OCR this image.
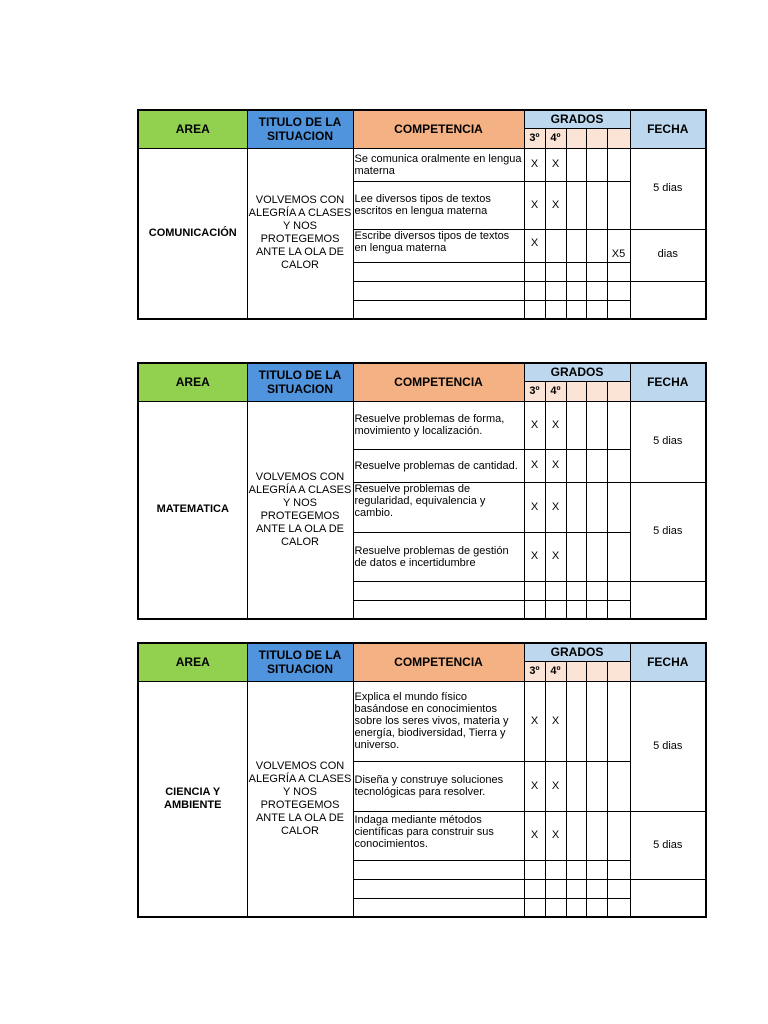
AREA	TITULO DE LA SITUACION	COMPETENCIA	GRADOS					FECHA
			3º	4º				
COMUNICACIÓN	VOLVEMOS CON ALEGRÍA A CLASES Y NOS PROTEGEMOS ANTE LA OLA DE CALOR	Se comunica oralmente en lengua materna	X	X				5 dias
		Lee diversos tipos de textos escritos en lengua materna	X	X				
		Escribe diversos tipos de textos en lengua materna	X				X5	dias

AREA	TITULO DE LA SITUACION	COMPETENCIA	GRADOS					FECHA
			3º	4º				
MATEMATICA	VOLVEMOS CON ALEGRÍA A CLASES Y NOS PROTEGEMOS ANTE LA OLA DE CALOR	Resuelve problemas de forma, movimiento y localización.	X	X				5 dias
		Resuelve problemas de cantidad.	X	X				
		Resuelve problemas de regularidad, equivalencia y cambio.	X	X				5 dias
		Resuelve problemas de gestión de datos e incertidumbre	X	X				

AREA	TITULO DE LA SITUACION	COMPETENCIA	GRADOS					FECHA
			3º	4º				
CIENCIA Y AMBIENTE	VOLVEMOS CON ALEGRÍA A CLASES Y NOS PROTEGEMOS ANTE LA OLA DE CALOR	Explica el mundo físico basándose en conocimientos sobre los seres vivos, materia y energía, biodiversidad, Tierra y universo.	X	X				5 dias
		Diseña y construye soluciones tecnológicas para resolver.	X	X				
		Indaga mediante métodos científicas para construir sus conocimientos.	X	X				5 dias
